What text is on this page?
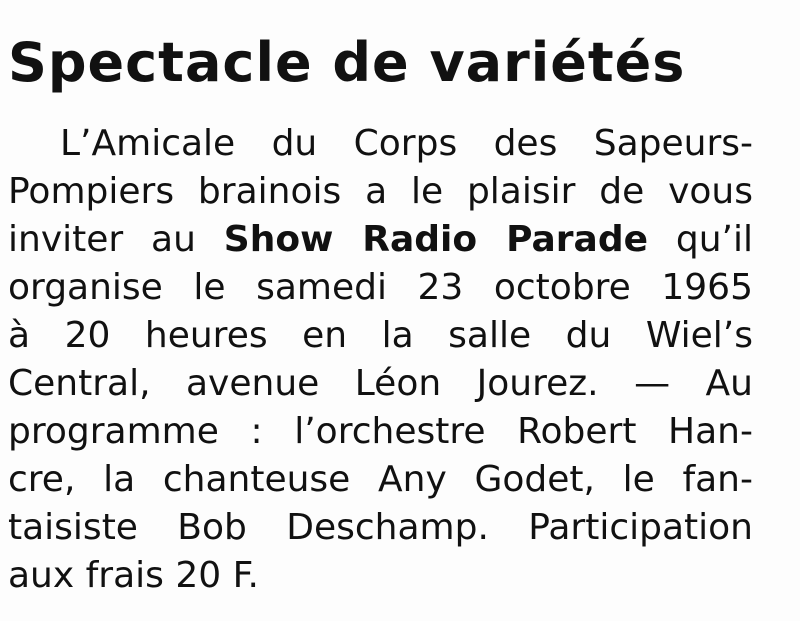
Spectacle de variétés
L’Amicale du Corps des Sapeurs-
Pompiers brainois a le plaisir de vous
inviter au Show Radio Parade qu’il
organise le samedi 23 octobre 1965
à 20 heures en la salle du Wiel’s
Central, avenue Léon Jourez. — Au
programme : l’orchestre Robert Han-
cre, la chanteuse Any Godet, le fan-
taisiste Bob Deschamp. Participation
aux frais 20 F.
